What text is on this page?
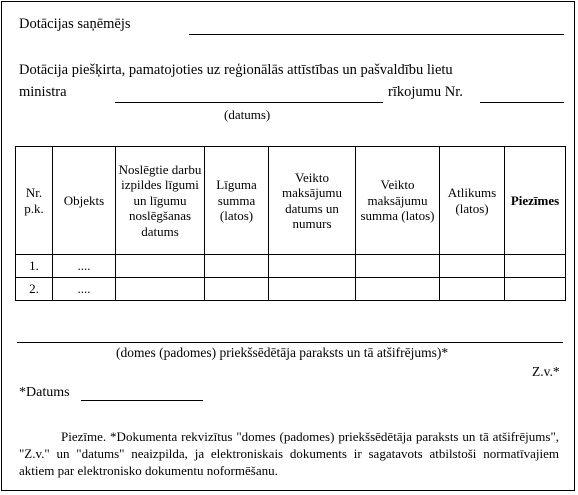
Dotācijas saņēmējs
Dotācija piešķirta, pamatojoties uz reģionālās attīstības un pašvaldību lietu
ministra	rīkojumu Nr.
(datums)
Nr. p.k.	Objekts	Noslēgtie darbu izpildes līgumi un līgumu noslēgšanas datums	Līguma summa (latos)	Veikto maksājumu datums un numurs	Veikto maksājumu summa (latos)	Atlikums (latos)	Piezīmes
1.	....						
2.	....						
(domes (padomes) priekšsēdētāja paraksts un tā atšifrējums)*
Z.v.*
*Datums
Piezīme. *Dokumenta rekvizītus "domes (padomes) priekšsēdētāja paraksts un tā atšifrējums", "Z.v." un "datums" neaizpilda, ja elektroniskais dokuments ir sagatavots atbilstoši normatīvajiem aktiem par elektronisko dokumentu noformēšanu.
